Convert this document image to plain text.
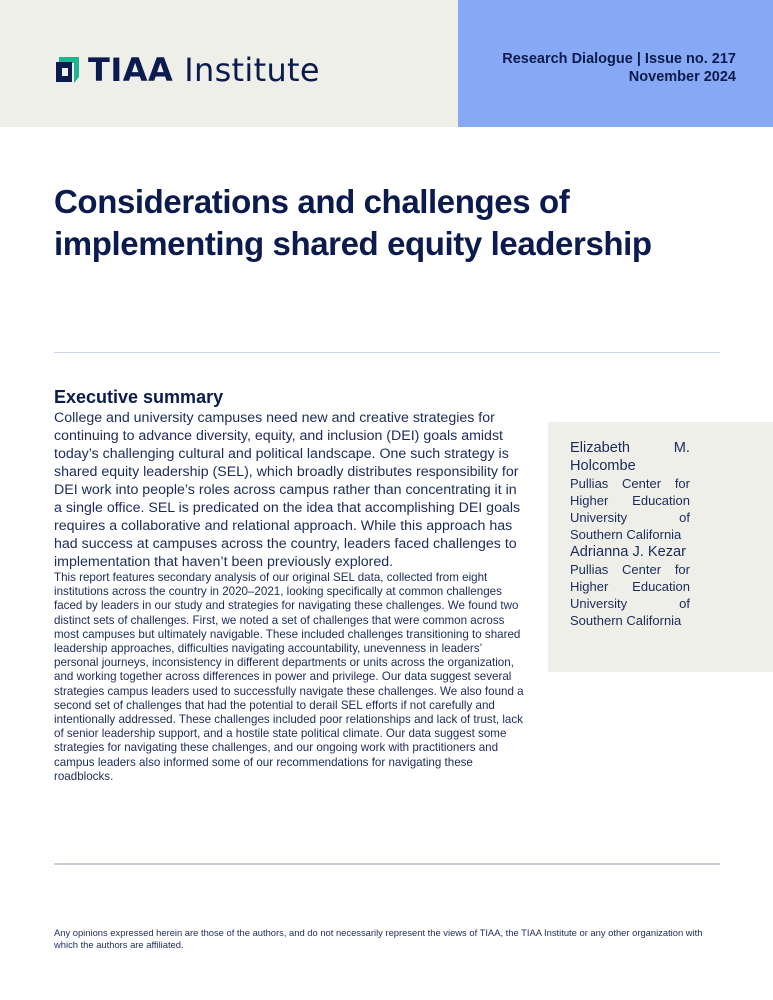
TIAA Institute	Research Dialogue | Issue no. 217
November 2024
Considerations and challenges of
implementing shared equity leadership
Executive summary

College and university campuses need new and creative strategies for continuing to advance diversity, equity, and inclusion (DEI) goals amidst today’s challenging cultural and political landscape. One such strategy is shared equity leadership (SEL), which broadly distributes responsibility for DEI work into people’s roles across campus rather than concentrating it in a single office. SEL is predicated on the idea that accomplishing DEI goals requires a collaborative and relational approach. While this approach has had success at campuses across the country, leaders faced challenges to implementation that haven’t been previously explored.

This report features secondary analysis of our original SEL data, collected from eight institutions across the country in 2020–2021, looking specifically at common challenges faced by leaders in our study and strategies for navigating these challenges. We found two distinct sets of challenges. First, we noted a set of challenges that were common across most campuses but ultimately navigable. These included challenges transitioning to shared leadership approaches, difficulties navigating accountability, unevenness in leaders’ personal journeys, inconsistency in different departments or units across the organization, and working together across differences in power and privilege. Our data suggest several strategies campus leaders used to successfully navigate these challenges. We also found a second set of challenges that had the potential to derail SEL efforts if not carefully and intentionally addressed. These challenges included poor relationships and lack of trust, lack of senior leadership support, and a hostile state political climate. Our data suggest some strategies for navigating these challenges, and our ongoing work with practitioners and campus leaders also informed some of our recommendations for navigating these roadblocks.

Elizabeth M. Holcombe
Pullias Center for Higher Education University of Southern California
Adrianna J. Kezar
Pullias Center for Higher Education University of Southern California

Any opinions expressed herein are those of the authors, and do not necessarily represent the views of TIAA, the TIAA Institute or any other organization with which the authors are affiliated.
